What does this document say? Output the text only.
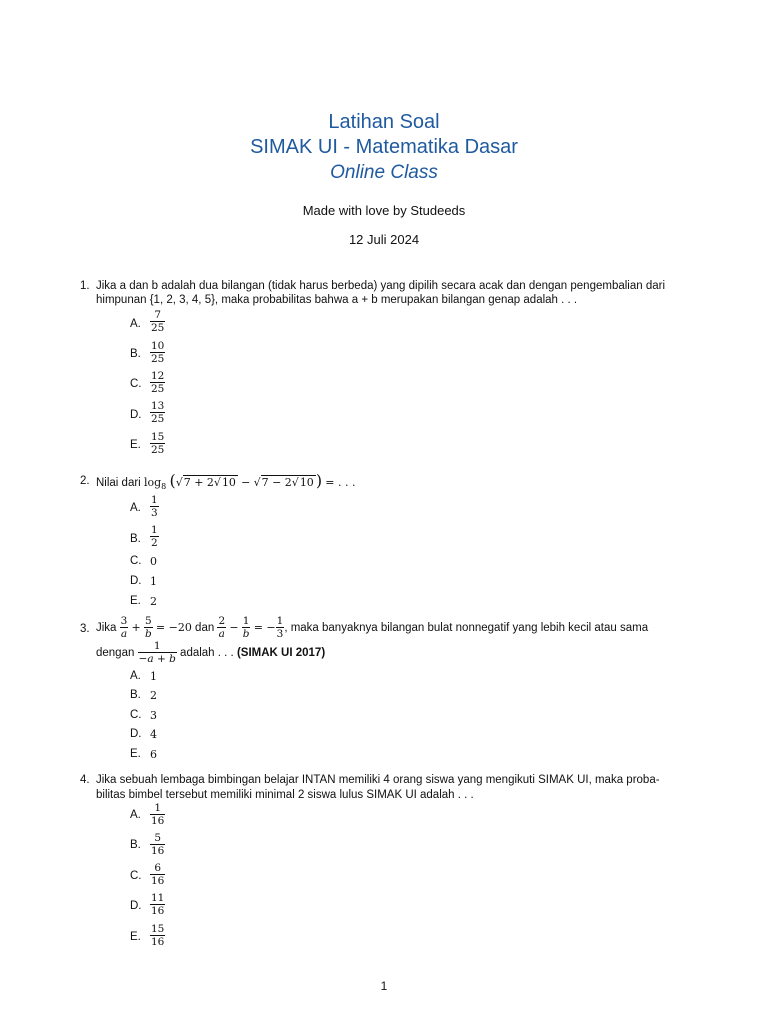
Latihan Soal
SIMAK UI - Matematika Dasar
Online Class
Made with love by Studeeds
12 Juli 2024
1. Jika a dan b adalah dua bilangan (tidak harus berbeda) yang dipilih secara acak dan dengan pengembalian dari
himpunan {1, 2, 3, 4, 5}, maka probabilitas bahwa a + b merupakan bilangan genap adalah . . .
A. $\frac{7}{25}$
B. $\frac{10}{25}$
C. $\frac{12}{25}$
D. $\frac{13}{25}$
E. $\frac{15}{25}$
2. Nilai dari $\log_8 (√7 + 2√10 - √7 - 2√10$ ) = . . .
A. $\frac{1}{3}$
B. $\frac{1}{2}$
C. 0
D. 1
E. 2
3. Jika $\frac{3}{a} + \frac{5}{b} = -20$ dan $\frac{2}{a} - \frac{1}{b}$ = − $\frac{1}{3}$ , maka banyaknya bilangan bulat nonnegatif yang lebih kecil atau sama
dengan $\frac{1}{-a + b}$ adalah . . . (SIMAK UI 2017)
A. 1
B. 2
C. 3
D. 4
E. 6
4. Jika sebuah lembaga bimbingan belajar INTAN memiliki 4 orang siswa yang mengikuti SIMAK UI, maka proba-
bilitas bimbel tersebut memiliki minimal 2 siswa lulus SIMAK UI adalah . . .
A. $\frac{1}{16}$
B. $\frac{5}{16}$
C. $\frac{6}{16}$
D. $\frac{11}{16}$
E. $\frac{15}{16}$
1
